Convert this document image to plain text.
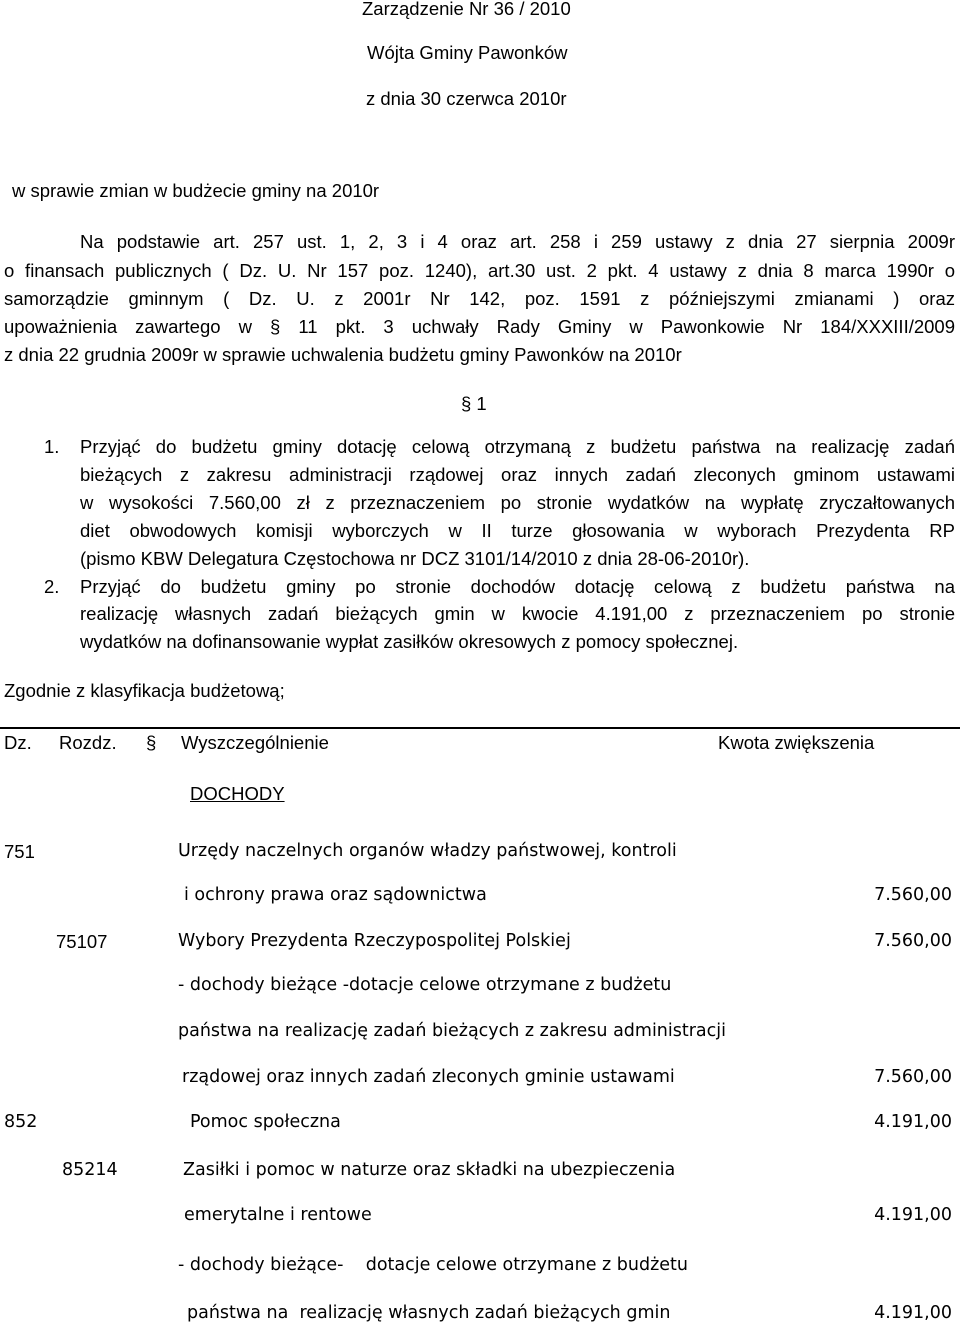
Zarządzenie Nr 36 / 2010
Wójta Gminy Pawonków
z dnia 30 czerwca 2010r
w sprawie zmian w budżecie gminy na 2010r
Na podstawie art. 257 ust. 1, 2, 3 i 4 oraz art. 258 i 259 ustawy z dnia 27 sierpnia 2009r
o finansach publicznych ( Dz. U. Nr 157 poz. 1240), art.30 ust. 2 pkt. 4 ustawy z dnia 8 marca 1990r o
samorządzie gminnym ( Dz. U. z 2001r Nr 142, poz. 1591 z późniejszymi zmianami ) oraz
upoważnienia zawartego w § 11 pkt. 3 uchwały Rady Gminy w Pawonkowie Nr 184/XXXIII/2009
z dnia 22 grudnia 2009r w sprawie uchwalenia budżetu gminy Pawonków na 2010r
§ 1
1. Przyjąć do budżetu gminy dotację celową otrzymaną z budżetu państwa na realizację zadań
bieżących z zakresu administracji rządowej oraz innych zadań zleconych gminom ustawami
w wysokości 7.560,00 zł z przeznaczeniem po stronie wydatków na wypłatę zryczałtowanych
diet obwodowych komisji wyborczych w II turze głosowania w wyborach Prezydenta RP
(pismo KBW Delegatura Częstochowa nr DCZ 3101/14/2010 z dnia 28-06-2010r).
2. Przyjąć do budżetu gminy po stronie dochodów dotację celową z budżetu państwa na
realizację własnych zadań bieżących gmin w kwocie 4.191,00 z przeznaczeniem po stronie
wydatków na dofinansowanie wypłat zasiłków okresowych z pomocy społecznej.
Zgodnie z klasyfikacja budżetową;
Dz. Rozdz. § Wyszczególnienie	Kwota zwiększenia
DOCHODY
751	Urzędy naczelnych organów władzy państwowej, kontroli
i ochrony prawa oraz sądownictwa	7.560,00
75107	Wybory Prezydenta Rzeczypospolitej Polskiej	7.560,00
- dochody bieżące -dotacje celowe otrzymane z budżetu
państwa na realizację zadań bieżących z zakresu administracji
rządowej oraz innych zadań zleconych gminie ustawami	7.560,00
852	Pomoc społeczna	4.191,00
85214	Zasiłki i pomoc w naturze oraz składki na ubezpieczenia
emerytalne i rentowe	4.191,00
- dochody bieżące-    dotacje celowe otrzymane z budżetu
państwa na  realizację własnych zadań bieżących gmin	4.191,00
